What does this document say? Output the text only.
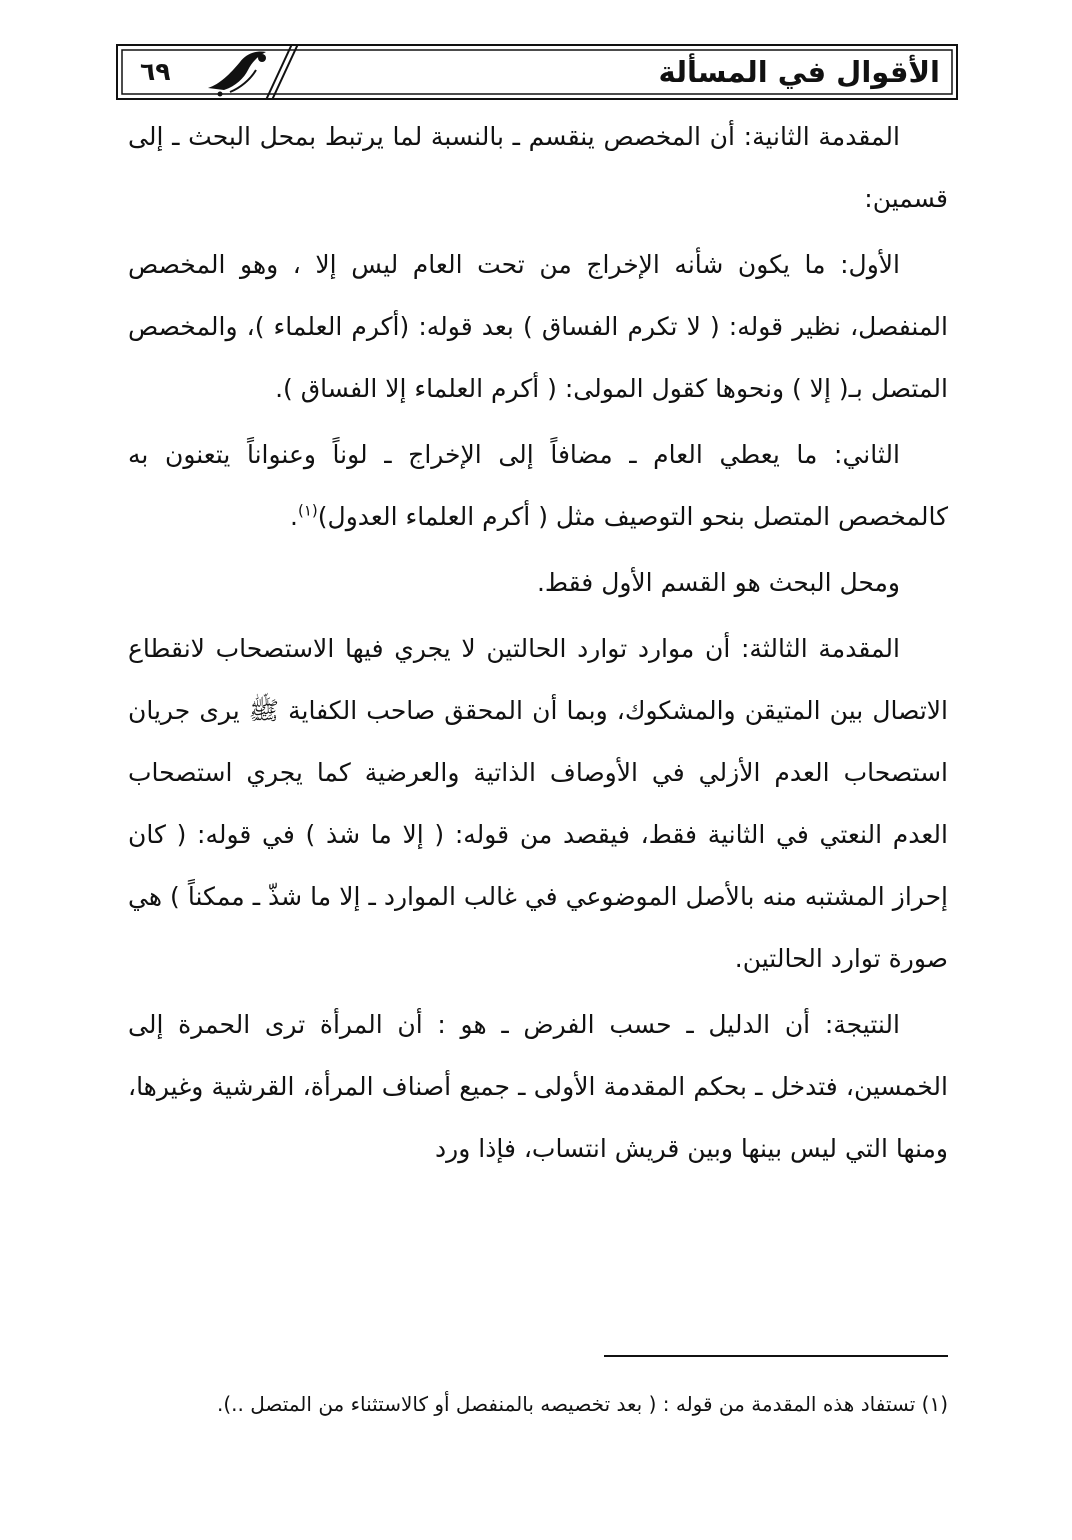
الأقوال في المسألة
٦٩

المقدمة الثانية: أن المخصص ينقسم ـ بالنسبة لما يرتبط بمحل البحث ـ إلى قسمين:

الأول: ما يكون شأنه الإخراج من تحت العام ليس إلا ، وهو المخصص المنفصل، نظير قوله: ( لا تكرم الفساق ) بعد قوله: (أكرم العلماء )، والمخصص المتصل بـ( إلا ) ونحوها كقول المولى: ( أكرم العلماء إلا الفساق ).

الثاني: ما يعطي العام ـ مضافاً إلى الإخراج ـ لوناً وعنواناً يتعنون به كالمخصص المتصل بنحو التوصيف مثل ( أكرم العلماء العدول)$^{(١)}$.

ومحل البحث هو القسم الأول فقط.

المقدمة الثالثة: أن موارد توارد الحالتين لا يجري فيها الاستصحاب لانقطاع الاتصال بين المتيقن والمشكوك، وبما أن المحقق صاحب الكفاية ﷺ يرى جريان استصحاب العدم الأزلي في الأوصاف الذاتية والعرضية كما يجري استصحاب العدم النعتي في الثانية فقط، فيقصد من قوله: ( إلا ما شذ ) في قوله: ( كان إحراز المشتبه منه بالأصل الموضوعي في غالب الموارد ـ إلا ما شذّ ـ ممكناً ) هي صورة توارد الحالتين.

النتيجة: أن الدليل ـ حسب الفرض ـ هو : أن المرأة ترى الحمرة إلى الخمسين، فتدخل ـ بحكم المقدمة الأولى ـ جميع أصناف المرأة، القرشية وغيرها، ومنها التي ليس بينها وبين قريش انتساب، فإذا ورد

(١) تستفاد هذه المقدمة من قوله : ( بعد تخصيصه بالمنفصل أو كالاستثناء من المتصل ..).
